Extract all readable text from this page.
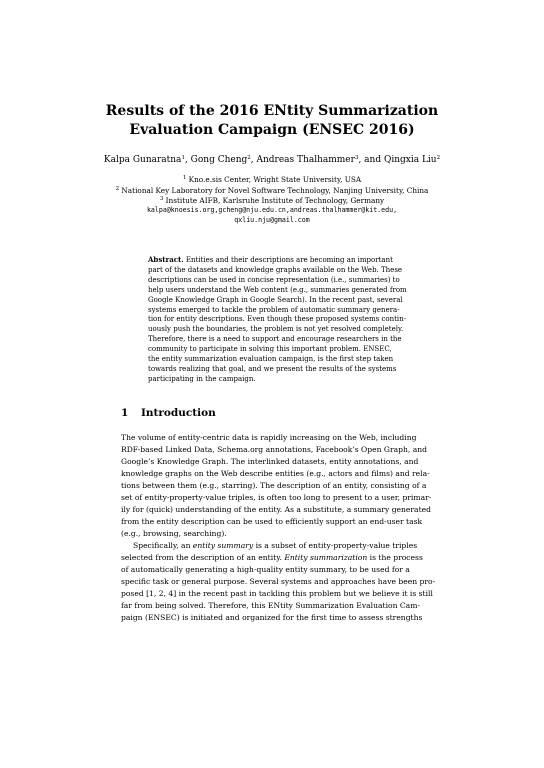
Results of the 2016 ENtity Summarization
Evaluation Campaign (ENSEC 2016)
Kalpa Gunaratna$^1$, Gong Cheng$^2$, Andreas Thalhammer$^3$, and Qingxia Liu$^2$
$^1$ Kno.e.sis Center, Wright State University, USA
$^2$ National Key Laboratory for Novel Software Technology, Nanjing University, China
$^3$ Institute AIFB, Karlsruhe Institute of Technology, Germany
kalpa@knoesis.org,gcheng@nju.edu.cn,andreas.thalhammer@kit.edu,
qxliu.nju@gmail.com
Abstract. Entities and their descriptions are becoming an important
part of the datasets and knowledge graphs available on the Web. These
descriptions can be used in concise representation (i.e., summaries) to
help users understand the Web content (e.g., summaries generated from
Google Knowledge Graph in Google Search). In the recent past, several
systems emerged to tackle the problem of automatic summary genera-
tion for entity descriptions. Even though these proposed systems contin-
uously push the boundaries, the problem is not yet resolved completely.
Therefore, there is a need to support and encourage researchers in the
community to participate in solving this important problem. ENSEC,
the entity summarization evaluation campaign, is the first step taken
towards realizing that goal, and we present the results of the systems
participating in the campaign.
1 Introduction
The volume of entity-centric data is rapidly increasing on the Web, including
RDF-based Linked Data, Schema.org annotations, Facebook’s Open Graph, and
Google’s Knowledge Graph. The interlinked datasets, entity annotations, and
knowledge graphs on the Web describe entities (e.g., actors and films) and rela-
tions between them (e.g., starring). The description of an entity, consisting of a
set of entity-property-value triples, is often too long to present to a user, primar-
ily for (quick) understanding of the entity. As a substitute, a summary generated
from the entity description can be used to efficiently support an end-user task
(e.g., browsing, searching).
Specifically, an entity summary is a subset of entity-property-value triples
selected from the description of an entity. Entity summarization is the process
of automatically generating a high-quality entity summary, to be used for a
specific task or general purpose. Several systems and approaches have been pro-
posed [1, 2, 4] in the recent past in tackling this problem but we believe it is still
far from being solved. Therefore, this ENtity Summarization Evaluation Cam-
paign (ENSEC) is initiated and organized for the first time to assess strengths
